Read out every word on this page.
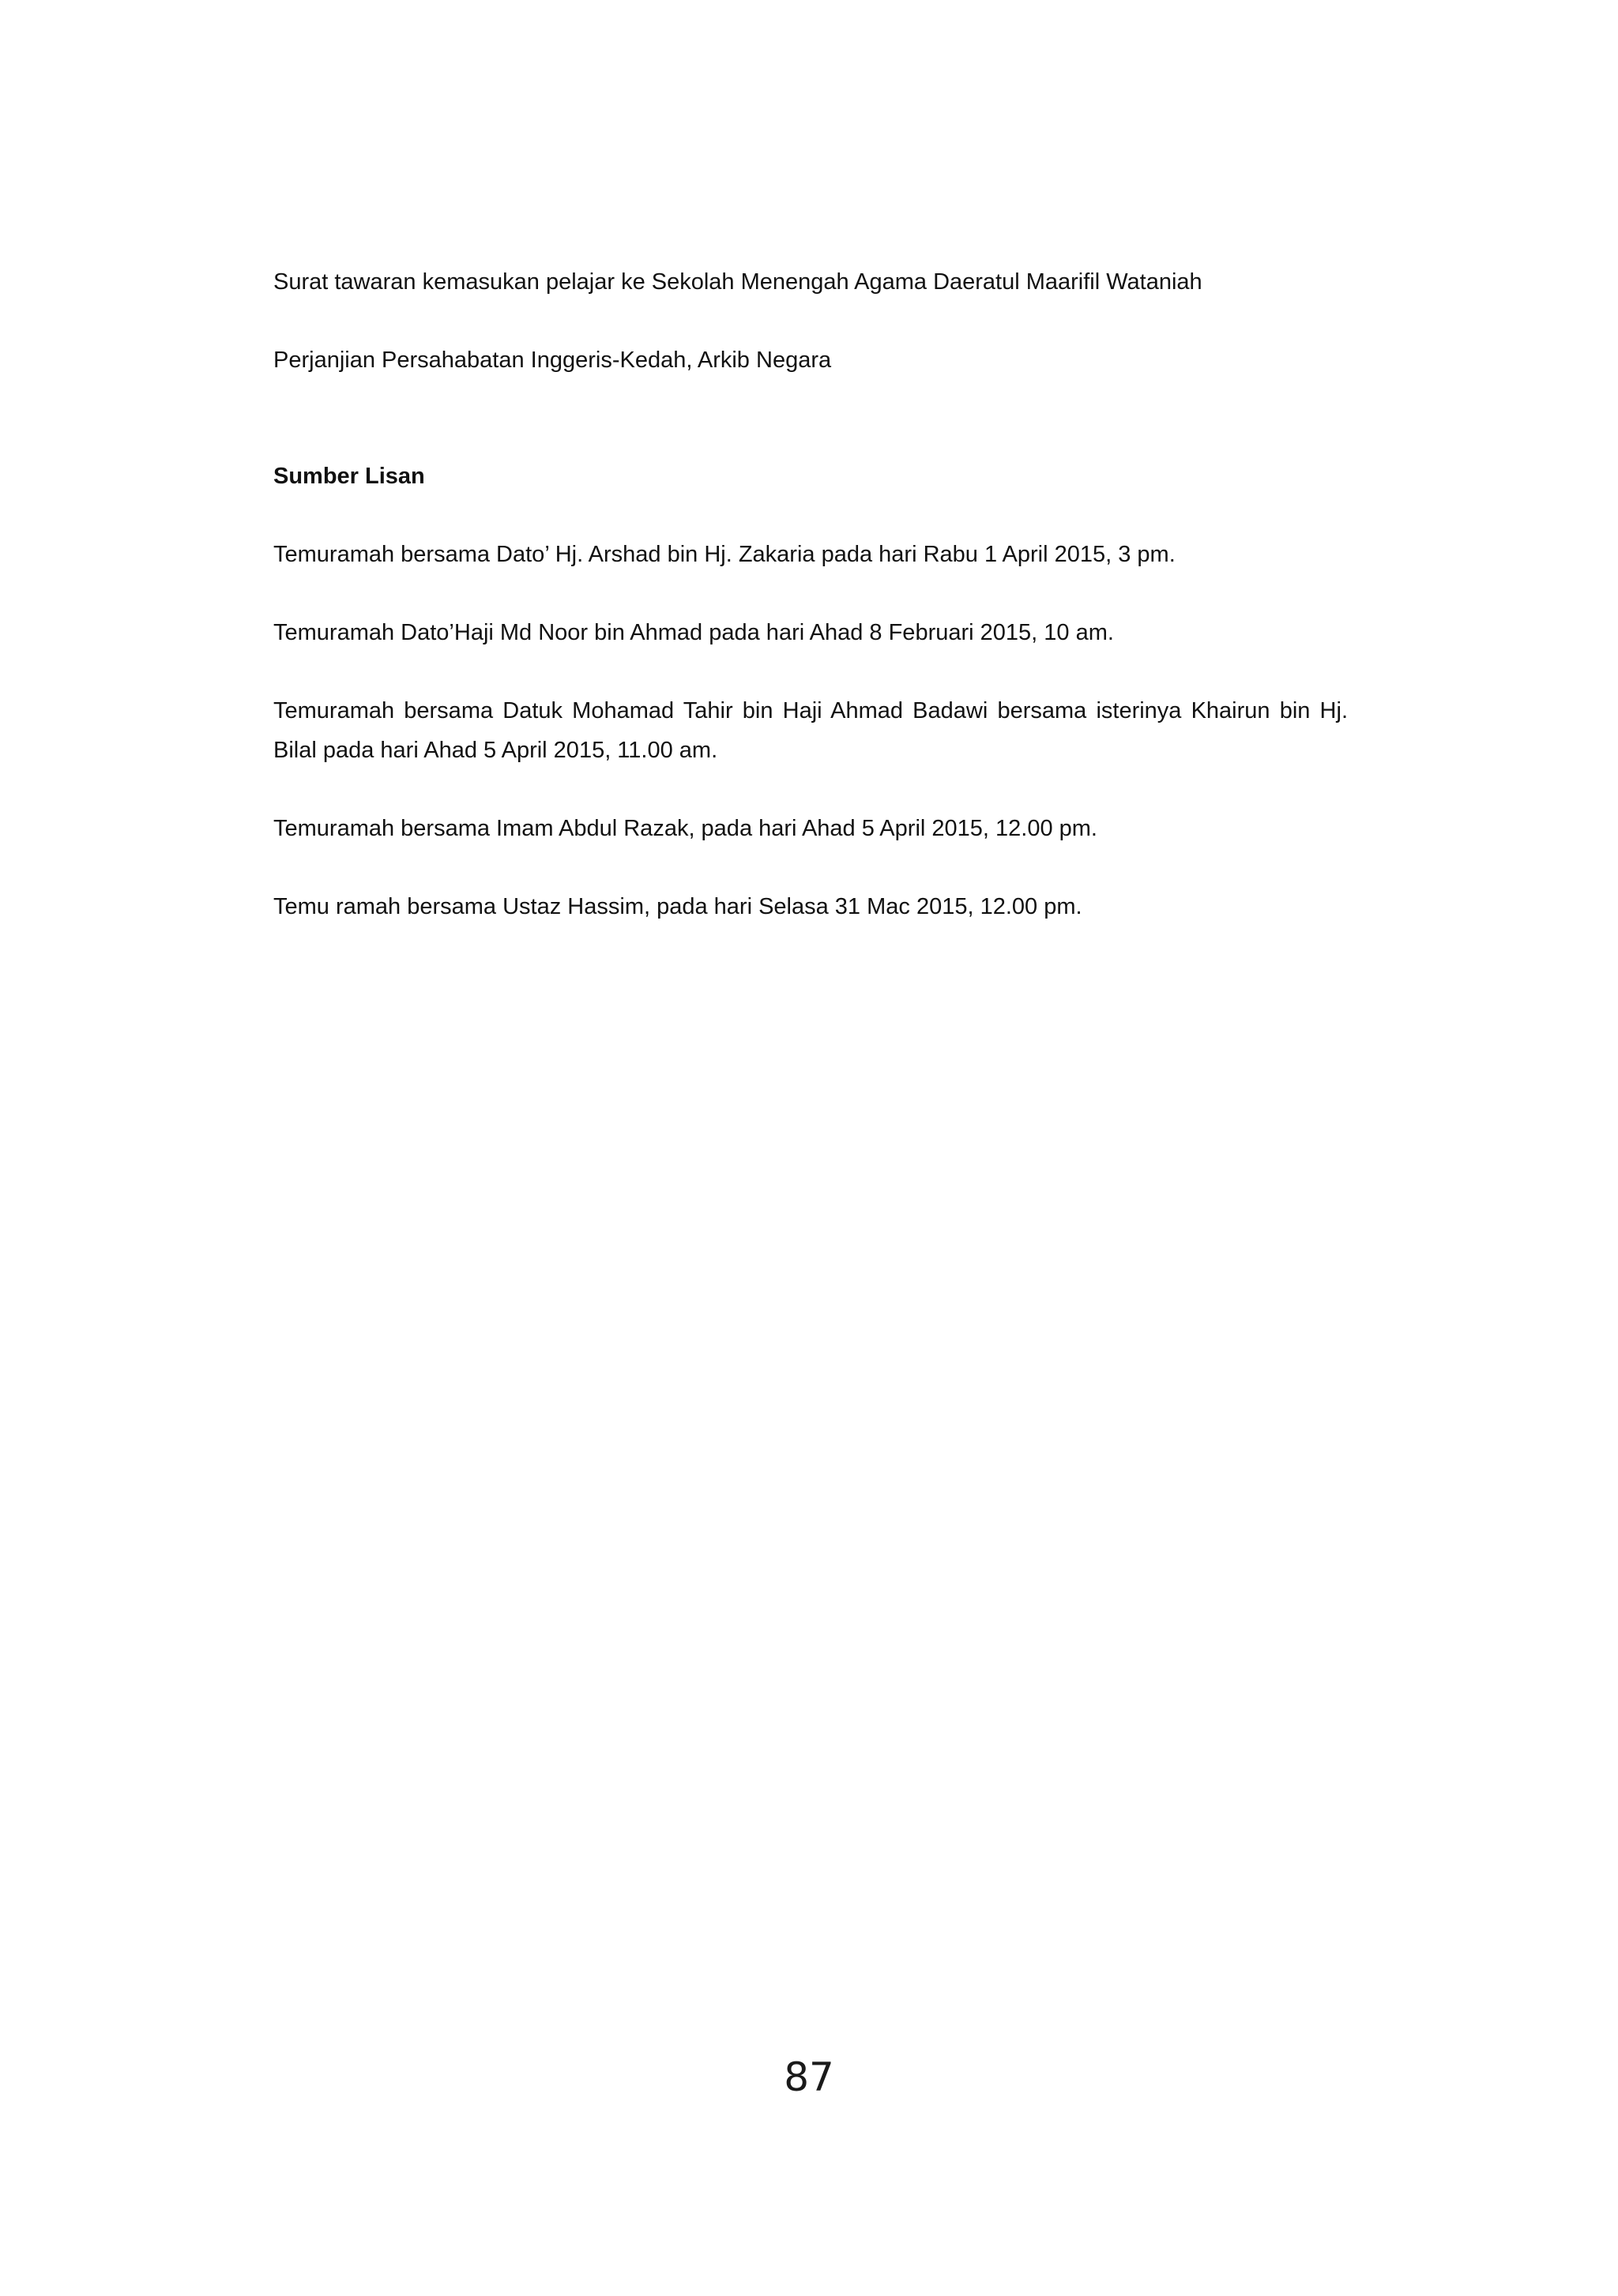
Surat tawaran kemasukan pelajar ke Sekolah Menengah Agama Daeratul Maarifil Wataniah

Perjanjian Persahabatan Inggeris-Kedah, Arkib Negara

Sumber Lisan

Temuramah bersama Dato’ Hj. Arshad bin Hj. Zakaria pada hari Rabu 1 April 2015, 3 pm.

Temuramah Dato’Haji Md Noor bin Ahmad pada hari Ahad 8 Februari 2015, 10 am.

Temuramah bersama Datuk Mohamad Tahir bin Haji Ahmad Badawi bersama isterinya Khairun bin Hj. Bilal pada hari Ahad 5 April 2015, 11.00 am.

Temuramah bersama Imam Abdul Razak, pada hari Ahad 5 April 2015, 12.00 pm.

Temu ramah bersama Ustaz Hassim, pada hari Selasa 31 Mac 2015, 12.00 pm.

87
